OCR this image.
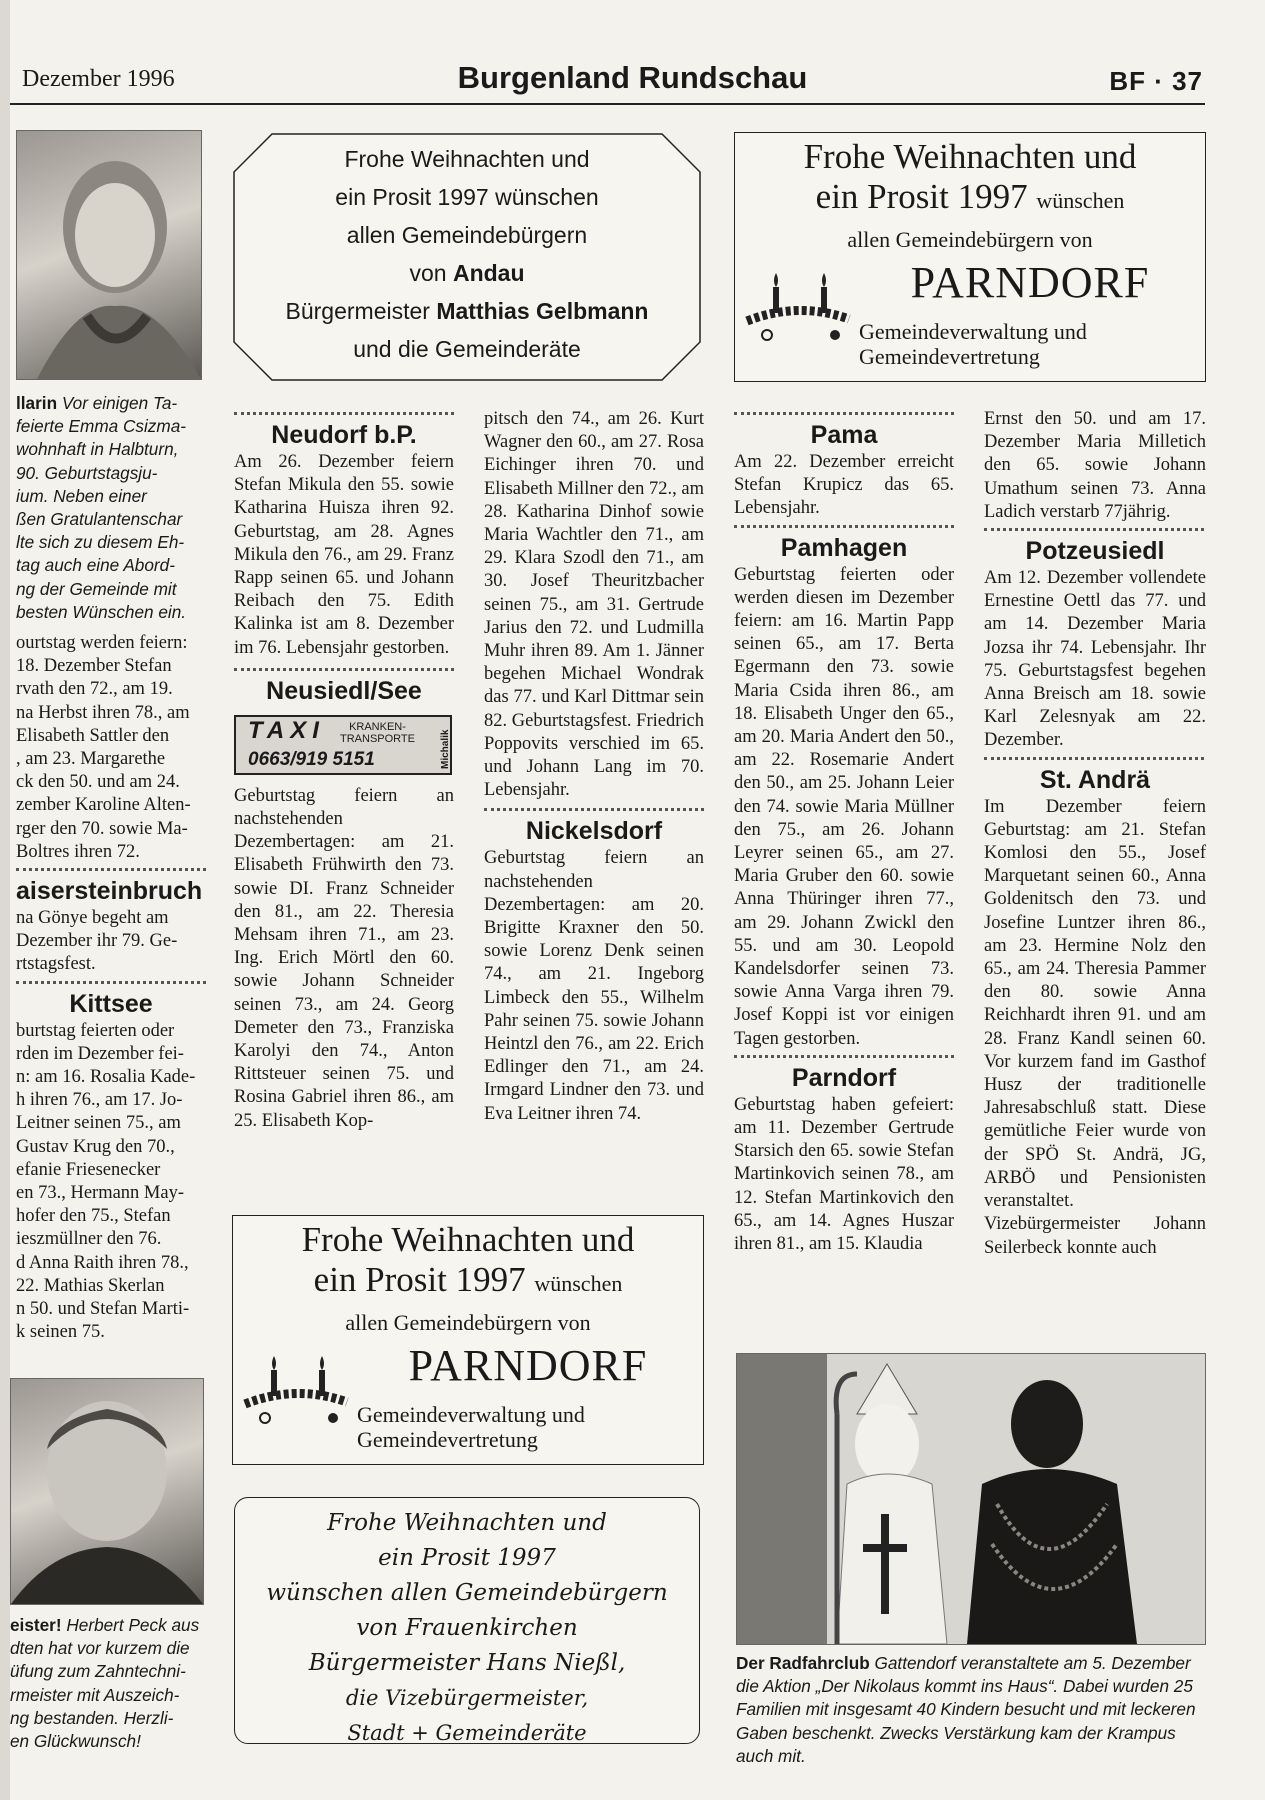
Dezember 1996	Burgenland Rundschau	BF · 37
llarin Vor einigen Ta-
feierte Emma Csizma-
wohnhaft in Halbturn,
90. Geburtstagsju-
ium. Neben einer
ßen Gratulantenschar
lte sich zu diesem Eh-
tag auch eine Abord-
ng der Gemeinde mit
besten Wünschen ein.
ourtstag werden feiern:
18. Dezember Stefan
rvath den 72., am 19.
na Herbst ihren 78., am
Elisabeth Sattler den
, am 23. Margarethe
ck den 50. und am 24.
zember Karoline Alten-
rger den 70. sowie Ma-
Boltres ihren 72.
aisersteinbruch
na Gönye begeht am
Dezember ihr 79. Ge-
rtstagsfest.
Kittsee
burtstag feierten oder
rden im Dezember fei-
n: am 16. Rosalia Kade-
h ihren 76., am 17. Jo-
Leitner seinen 75., am
Gustav Krug den 70.,
efanie Friesenecker
en 73., Hermann May-
hofer den 75., Stefan
ieszmüllner den 76.
d Anna Raith ihren 78.,
22. Mathias Skerlan
n 50. und Stefan Marti-
k seinen 75.
eister! Herbert Peck aus
dten hat vor kurzem die
üfung zum Zahntechni-
rmeister mit Auszeich-
ng bestanden. Herzli-
en Glückwunsch!
Frohe Weihnachten und
ein Prosit 1997 wünschen
allen Gemeindebürgern
von Andau
Bürgermeister Matthias Gelbmann
und die Gemeinderäte
Frohe Weihnachten und
ein Prosit 1997 wünschen
allen Gemeindebürgern von
PARNDORF
Gemeindeverwaltung und
Gemeindevertretung
Neudorf b.P.

Am 26. Dezember feiern Stefan Mikula den 55. sowie Katharina Huisza ihren 92. Geburtstag, am 28. Agnes Mikula den 76., am 29. Franz Rapp seinen 65. und Johann Reibach den 75. Edith Kalinka ist am 8. Dezember im 76. Lebensjahr gestorben.

Neusiedl/See
TAXI	KRANKEN-
TRANSPORTE
0663/919 5151	Michalik

Geburtstag feiern an nachstehenden Dezembertagen: am 21. Elisabeth Frühwirth den 73. sowie DI. Franz Schneider den 81., am 22. Theresia Mehsam ihren 71., am 23. Ing. Erich Mörtl den 60. sowie Johann Schneider seinen 73., am 24. Georg Demeter den 73., Franziska Karolyi den 74., Anton Rittsteuer seinen 75. und Rosina Gabriel ihren 86., am 25. Elisabeth Kop-

pitsch den 74., am 26. Kurt Wagner den 60., am 27. Rosa Eichinger ihren 70. und Elisabeth Millner den 72., am 28. Katharina Dinhof sowie Maria Wachtler den 71., am 29. Klara Szodl den 71., am 30. Josef Theuritzbacher seinen 75., am 31. Gertrude Jarius den 72. und Ludmilla Muhr ihren 89. Am 1. Jänner begehen Michael Wondrak das 77. und Karl Dittmar sein 82. Geburtstagsfest. Friedrich Poppovits verschied im 65. und Johann Lang im 70. Lebensjahr.

Nickelsdorf

Geburtstag feiern an nachstehenden Dezembertagen: am 20. Brigitte Kraxner den 50. sowie Lorenz Denk seinen 74., am 21. Ingeborg Limbeck den 55., Wilhelm Pahr seinen 75. sowie Johann Heintzl den 76., am 22. Erich Edlinger den 71., am 24. Irmgard Lindner den 73. und Eva Leitner ihren 74.

Pama

Am 22. Dezember erreicht Stefan Krupicz das 65. Lebensjahr.

Pamhagen

Geburtstag feierten oder werden diesen im Dezember feiern: am 16. Martin Papp seinen 65., am 17. Berta Egermann den 73. sowie Maria Csida ihren 86., am 18. Elisabeth Unger den 65., am 20. Maria Andert den 50., am 22. Rosemarie Andert den 50., am 25. Johann Leier den 74. sowie Maria Müllner den 75., am 26. Johann Leyrer seinen 65., am 27. Maria Gruber den 60. sowie Anna Thüringer ihren 77., am 29. Johann Zwickl den 55. und am 30. Leopold Kandelsdorfer seinen 73. sowie Anna Varga ihren 79. Josef Koppi ist vor einigen Tagen gestorben.

Parndorf

Geburtstag haben gefeiert: am 11. Dezember Gertrude Starsich den 65. sowie Stefan Martinkovich seinen 78., am 12. Stefan Martinkovich den 65., am 14. Agnes Huszar ihren 81., am 15. Klaudia

Ernst den 50. und am 17. Dezember Maria Milletich den 65. sowie Johann Umathum seinen 73. Anna Ladich verstarb 77jährig.

Potzeusiedl

Am 12. Dezember vollendete Ernestine Oettl das 77. und am 14. Dezember Maria Jozsa ihr 74. Lebensjahr. Ihr 75. Geburtstagsfest begehen Anna Breisch am 18. sowie Karl Zelesnyak am 22. Dezember.

St. Andrä

Im Dezember feiern Geburtstag: am 21. Stefan Komlosi den 55., Josef Marquetant seinen 60., Anna Goldenitsch den 73. und Josefine Luntzer ihren 86., am 23. Hermine Nolz den 65., am 24. Theresia Pammer den 80. sowie Anna Reichhardt ihren 91. und am 28. Franz Kandl seinen 60. Vor kurzem fand im Gasthof Husz der traditionelle Jahresabschluß statt. Diese gemütliche Feier wurde von der SPÖ St. Andrä, JG, ARBÖ und Pensionisten veranstaltet. Vizebürgermeister Johann Seilerbeck konnte auch

Frohe Weihnachten und
ein Prosit 1997 wünschen
allen Gemeindebürgern von
PARNDORF
Gemeindeverwaltung und
Gemeindevertretung
Frohe Weihnachten und
ein Prosit 1997
wünschen allen Gemeindebürgern
von Frauenkirchen
Bürgermeister Hans Nießl,
die Vizebürgermeister,
Stadt + Gemeinderäte
Der Radfahrclub Gattendorf veranstaltete am 5. Dezember die Aktion „Der Nikolaus kommt ins Haus“. Dabei wurden 25 Familien mit insgesamt 40 Kindern besucht und mit leckeren Gaben beschenkt. Zwecks Verstärkung kam der Krampus auch mit.
